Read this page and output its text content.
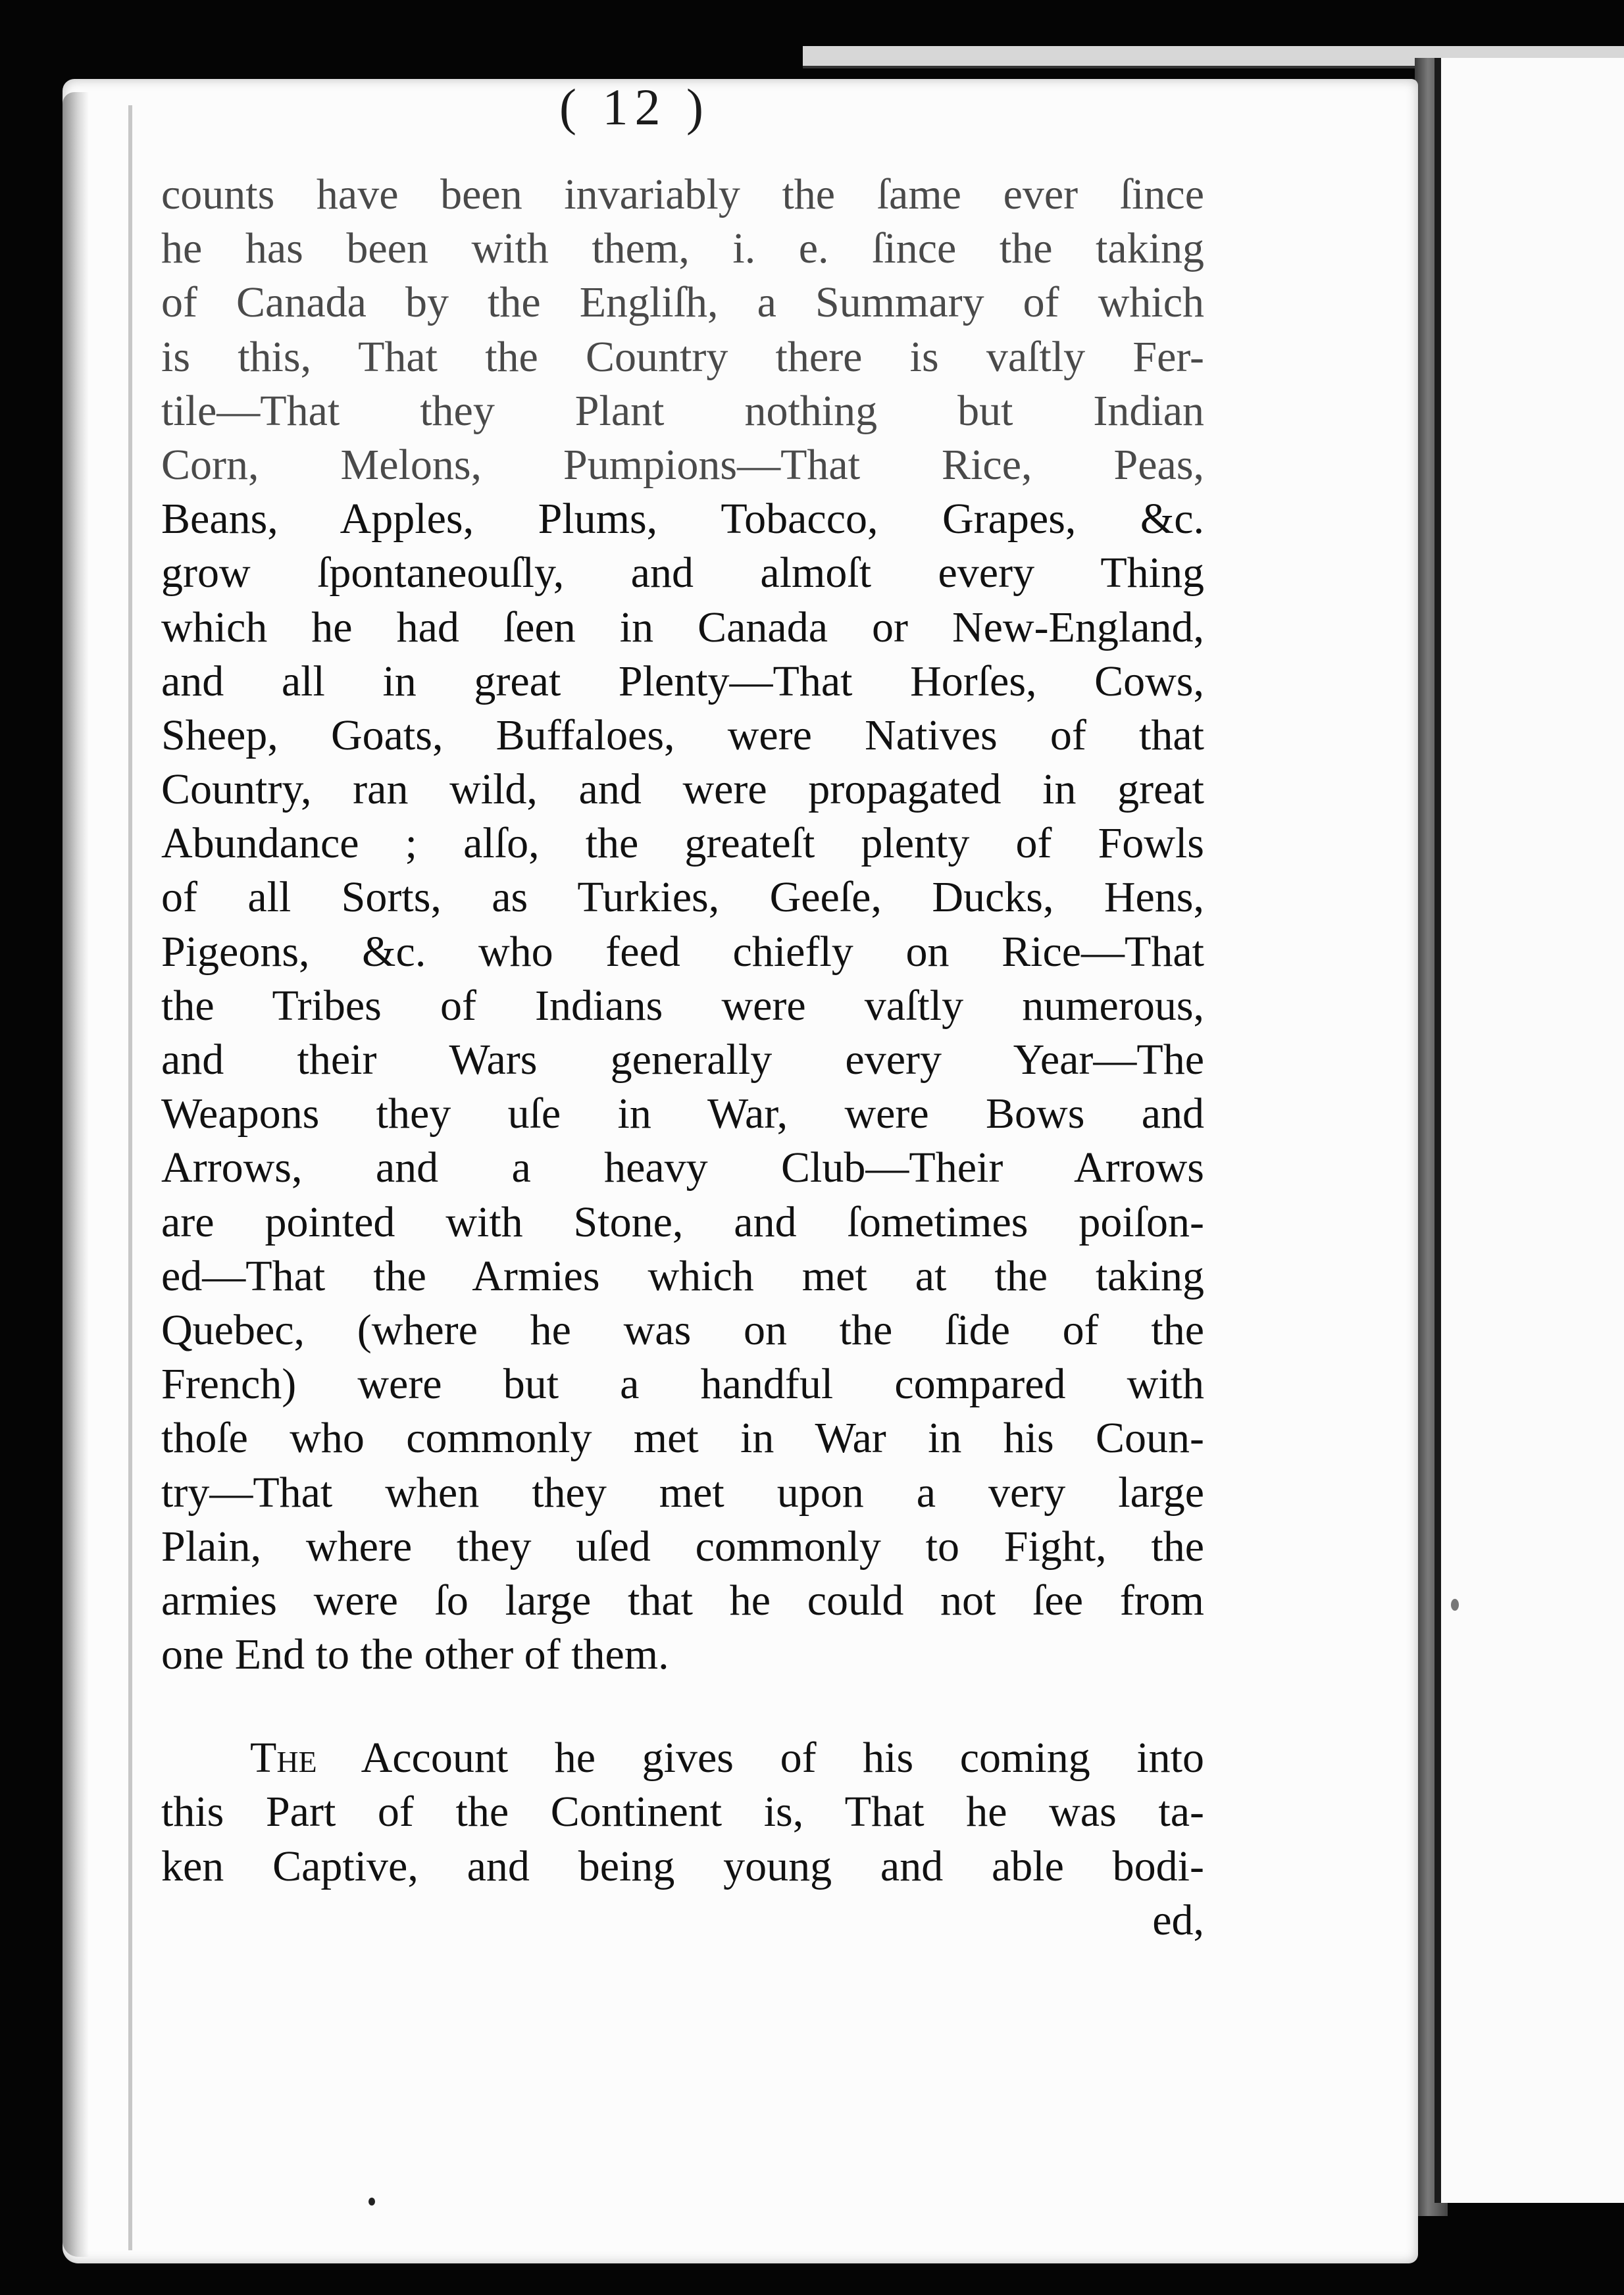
( 12 )
counts have been invariably the ſame ever ſince
he has been with them, i. e. ſince the taking
of Canada by the Engliſh, a Summary of which
is this, That the Country there is vaſtly Fer-
tile—That they Plant nothing but Indian
Corn, Melons, Pumpions—That Rice, Peas,
Beans, Apples, Plums, Tobacco, Grapes, &c.
grow ſpontaneouſly, and almoſt every Thing
which he had ſeen in Canada or New-England,
and all in great Plenty—That Horſes, Cows,
Sheep, Goats, Buffaloes, were Natives of that
Country, ran wild, and were propagated in great
Abundance ; alſo, the greateſt plenty of Fowls
of all Sorts, as Turkies, Geeſe, Ducks, Hens,
Pigeons, &c. who feed chiefly on Rice—That
the Tribes of Indians were vaſtly numerous,
and their Wars generally every Year—The
Weapons they uſe in War, were Bows and
Arrows, and a heavy Club—Their Arrows
are pointed with Stone, and ſometimes poiſon-
ed—That the Armies which met at the taking
Quebec, (where he was on the ſide of the
French) were but a handful compared with
thoſe who commonly met in War in his Coun-
try—That when they met upon a very large
Plain, where they uſed commonly to Fight, the
armies were ſo large that he could not ſee from
one End to the other of them.
The Account he gives of his coming into
this Part of the Continent is, That he was ta-
ken Captive, and being young and able bodi-
ed,
